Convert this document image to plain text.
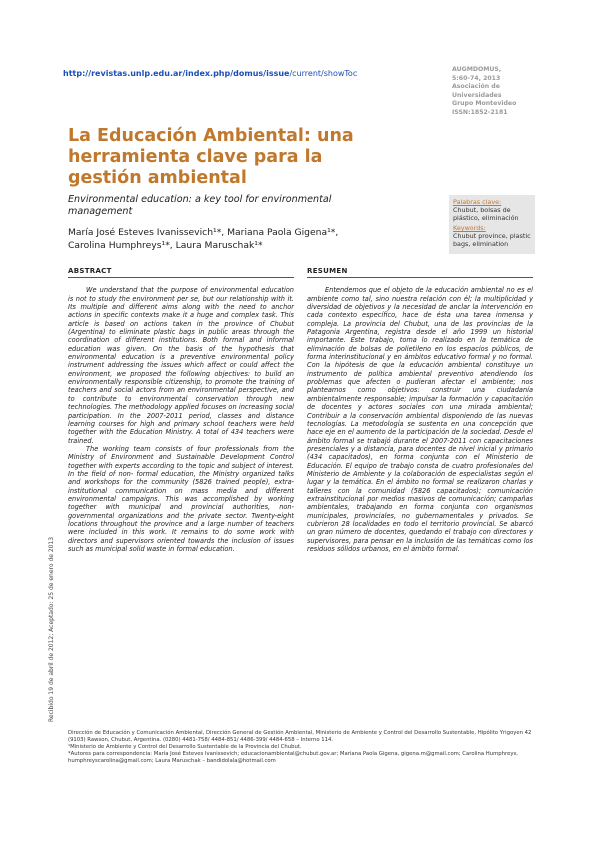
http://revistas.unlp.edu.ar/index.php/domus/issue/current/showToc	AUGMDOMUS,
5:60-74, 2013
Asociación de
Universidades
Grupo Montevideo
ISSN:1852-2181
La Educación Ambiental: una herramienta clave para la gestión ambiental
Environmental education: a key tool for environmental management
María José Esteves Ivanissevich¹*, Mariana Paola Gigena¹*,
Carolina Humphreys¹*, Laura Maruschak¹*
Palabras clave:
Chubut, bolsas de plástico, eliminación
Keywords:
Chubut province, plastic bags, elimination
ABSTRACT

We understand that the purpose of environmental education is not to study the environment per se, but our relationship with it. Its multiple and different aims along with the need to anchor actions in specific contexts make it a huge and complex task. This article is based on actions taken in the province of Chubut (Argentina) to eliminate plastic bags in public areas through the coordination of different institutions. Both formal and informal education was given. On the basis of the hypothesis that environmental education is a preventive environmental policy instrument addressing the issues which affect or could affect the environment, we proposed the following objectives: to build an environmentally responsible citizenship, to promote the training of teachers and social actors from an environmental perspective, and to contribute to environmental conservation through new technologies. The methodology applied focuses on increasing social participation. In the 2007-2011 period, classes and distance learning courses for high and primary school teachers were held together with the Education Ministry. A total of 434 teachers were trained.

The working team consists of four professionals from the Ministry of Environment and Sustainable Development Control together with experts according to the topic and subject of interest. In the field of non- formal education, the Ministry organized talks and workshops for the community (5826 trained people), extra-institutional communication on mass media and different environmental campaigns. This was accomplished by working together with municipal and provincial authorities, non-governmental organizations and the private sector. Twenty-eight locations throughout the province and a large number of teachers were included in this work. It remains to do some work with directors and supervisors oriented towards the inclusion of issues such as municipal solid waste in formal education.

RESUMEN

Entendemos que el objeto de la educación ambiental no es el ambiente como tal, sino nuestra relación con él; la multiplicidad y diversidad de objetivos y la necesidad de anclar la intervención en cada contexto específico, hace de ésta una tarea inmensa y compleja. La provincia del Chubut, una de las provincias de la Patagonia Argentina, registra desde el año 1999 un historial importante. Este trabajo, toma lo realizado en la temática de eliminación de bolsas de polietileno en los espacios públicos, de forma interinstitucional y en ámbitos educativo formal y no formal. Con la hipótesis de que la educación ambiental constituye un instrumento de política ambiental preventivo atendiendo los problemas que afecten o pudieran afectar el ambiente; nos planteamos como objetivos: construir una ciudadanía ambientalmente responsable; impulsar la formación y capacitación de docentes y actores sociales con una mirada ambiental; Contribuir a la conservación ambiental disponiendo de las nuevas tecnologías. La metodología se sustenta en una concepción que hace eje en el aumento de la participación de la sociedad. Desde el ámbito formal se trabajó durante el 2007-2011 con capacitaciones presenciales y a distancia, para docentes de nivel inicial y primario (434 capacitados), en forma conjunta con el Ministerio de Educación. El equipo de trabajo consta de cuatro profesionales del Ministerio de Ambiente y la colaboración de especialistas según el lugar y la temática. En el ámbito no formal se realizaron charlas y talleres con la comunidad (5826 capacitados); comunicación extrainstitucional por medios masivos de comunicación; campañas ambientales, trabajando en forma conjunta con organismos municipales, provinciales, no gubernamentales y privados. Se cubrieron 28 localidades en todo el territorio provincial. Se abarcó un gran número de docentes, quedando el trabajo con directores y supervisores, para pensar en la inclusión de las temáticas como los residuos sólidos urbanos, en el ámbito formal.

Recibido 19 de abril de 2012; Aceptado: 25 de enero de 2013
Dirección de Educación y Comunicación Ambiental, Dirección General de Gestión Ambiental, Ministerio de Ambiente y Control del Desarrollo Sustentable, Hipólito Yrigoyen 42 (9103) Rawson, Chubut, Argentina. (0280) 4481-758/ 4484-851/ 4486-399/ 4484-658 – Interno 114.
¹Ministerio de Ambiente y Control del Desarrollo Sustentable de la Provincia del Chubut.
*Autores para correspondencia: María José Esteves Ivanissevich; educacionambiental@chubut.gov.ar; Mariana Paola Gigena, gigena.m@gmail.com; Carolina Humphreys, humphreyscarolina@gmail.com; Laura Maruschak – bandidolala@hotmail.com
